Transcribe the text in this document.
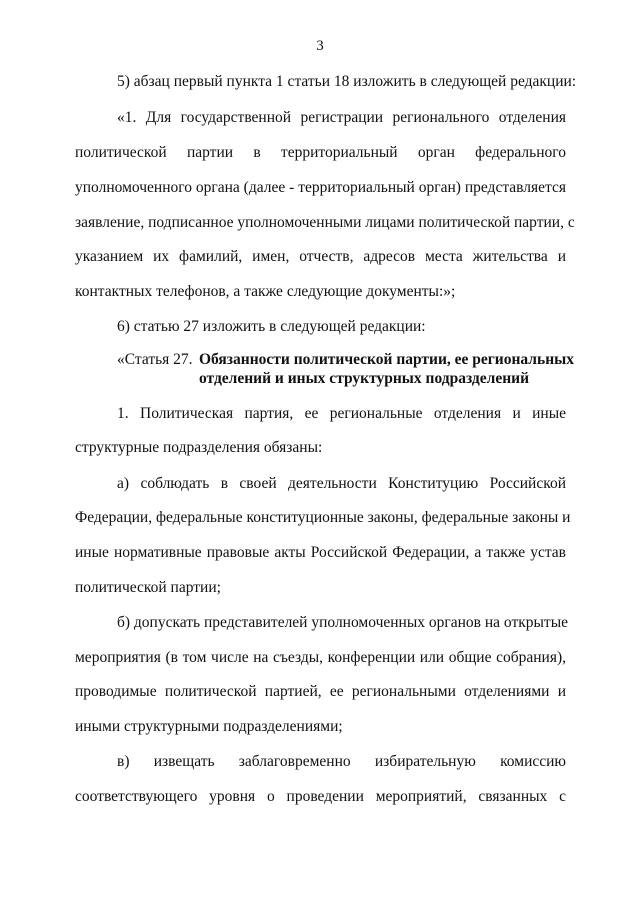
3
5) абзац первый пункта 1 статьи 18 изложить в следующей редакции:
«1. Для государственной регистрации регионального отделения
политической партии в территориальный орган федерального
уполномоченного органа (далее - территориальный орган) представляется
заявление, подписанное уполномоченными лицами политической партии, с
указанием их фамилий, имен, отчеств, адресов места жительства и
контактных телефонов, а также следующие документы:»;
6) статью 27 изложить в следующей редакции:
«Статья 27. Обязанности политической партии, ее региональных
отделений и иных структурных подразделений
1. Политическая партия, ее региональные отделения и иные
структурные подразделения обязаны:
а) соблюдать в своей деятельности Конституцию Российской
Федерации, федеральные конституционные законы, федеральные законы и
иные нормативные правовые акты Российской Федерации, а также устав
политической партии;
б) допускать представителей уполномоченных органов на открытые
мероприятия (в том числе на съезды, конференции или общие собрания),
проводимые политической партией, ее региональными отделениями и
иными структурными подразделениями;
в) извещать заблаговременно избирательную комиссию
соответствующего уровня о проведении мероприятий, связанных с
